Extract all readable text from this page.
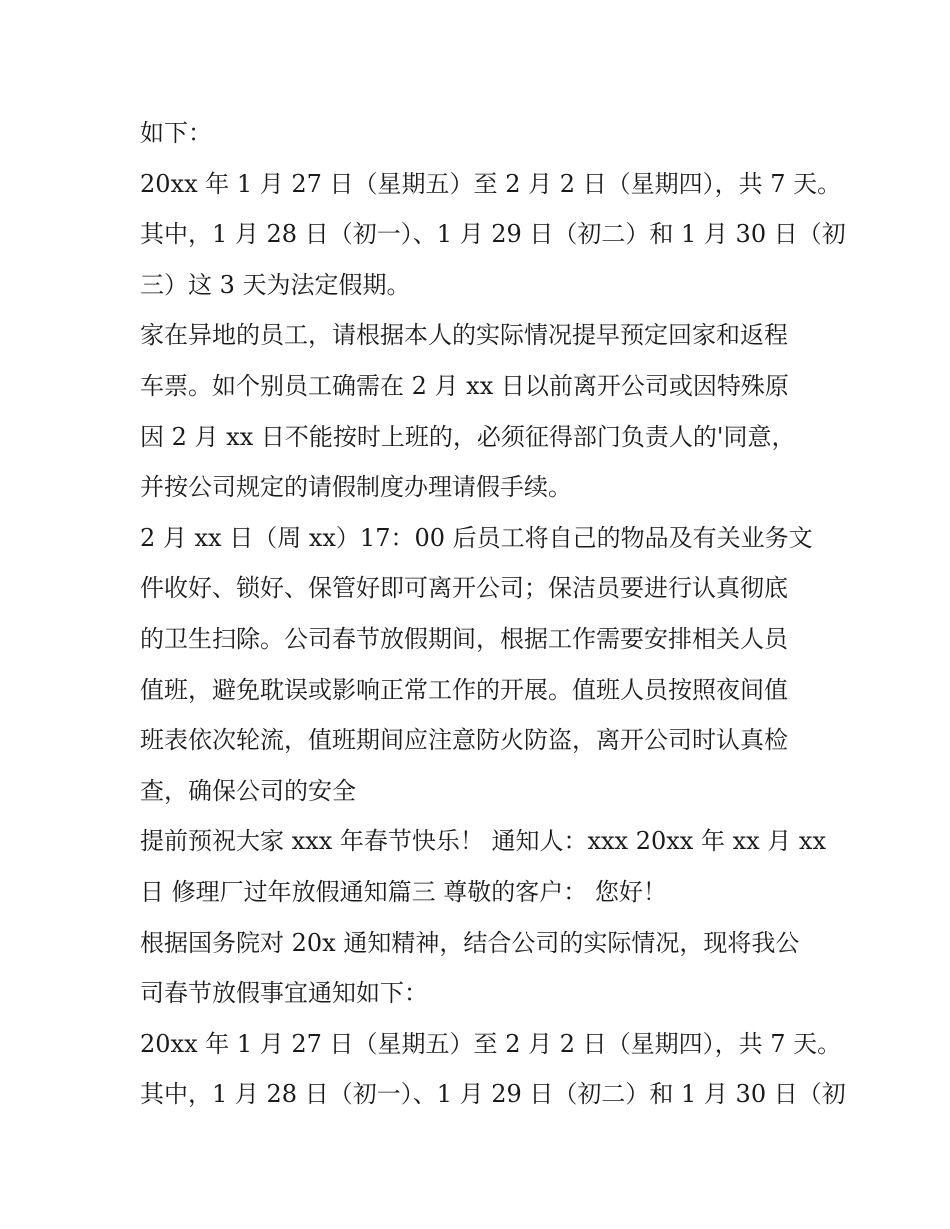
如下：
20xx 年 1 月 27 日（星期五）至 2 月 2 日（星期四），共 7 天。
其中，1 月 28 日（初一）、1 月 29 日（初二）和 1 月 30 日（初
三）这 3 天为法定假期。
家在异地的员工，请根据本人的实际情况提早预定回家和返程
车票。如个别员工确需在 2 月 xx 日以前离开公司或因特殊原
因 2 月 xx 日不能按时上班的，必须征得部门负责人的'同意，
并按公司规定的请假制度办理请假手续。
2 月 xx 日（周 xx）17：00 后员工将自己的物品及有关业务文
件收好、锁好、保管好即可离开公司；保洁员要进行认真彻底
的卫生扫除。公司春节放假期间，根据工作需要安排相关人员
值班，避免耽误或影响正常工作的开展。值班人员按照夜间值
班表依次轮流，值班期间应注意防火防盗，离开公司时认真检
查，确保公司的安全
提前预祝大家 xxx 年春节快乐！ 通知人：xxx 20xx 年 xx 月 xx
日 修理厂过年放假通知篇三 尊敬的客户： 您好！
根据国务院对 20x 通知精神，结合公司的实际情况，现将我公
司春节放假事宜通知如下：
20xx 年 1 月 27 日（星期五）至 2 月 2 日（星期四），共 7 天。
其中，1 月 28 日（初一）、1 月 29 日（初二）和 1 月 30 日（初
